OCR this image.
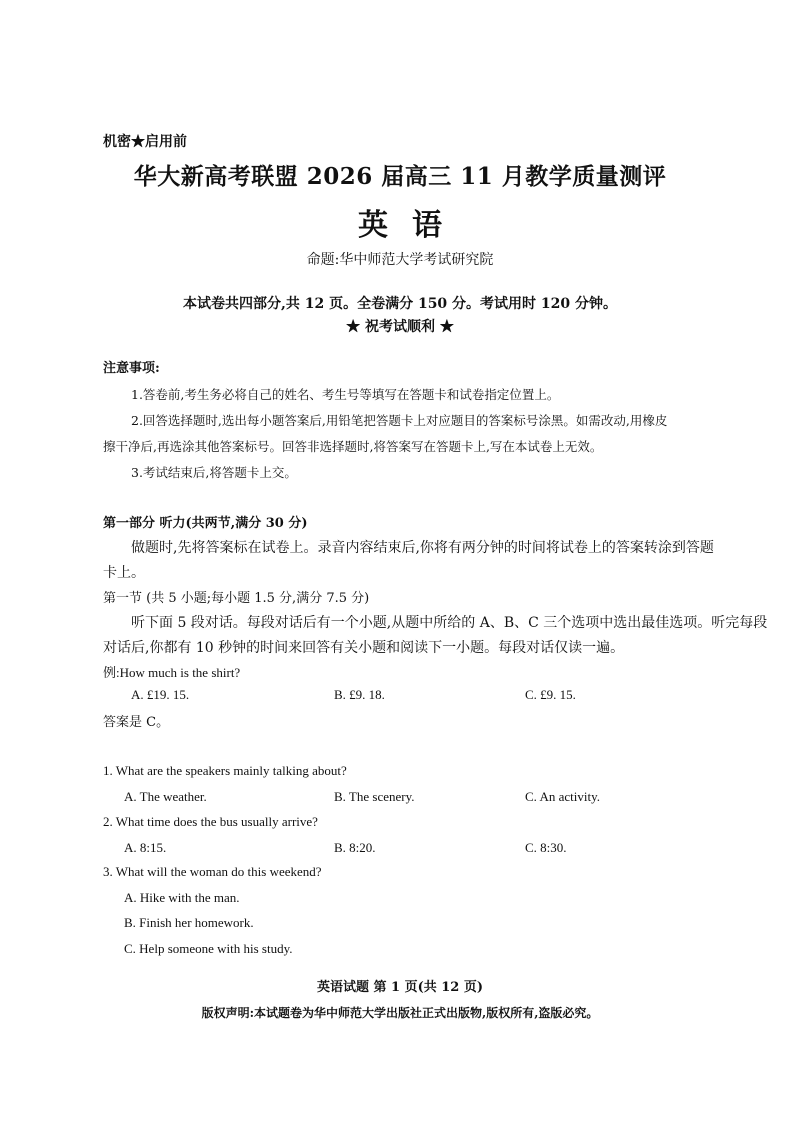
机密★启用前
华大新高考联盟 2026 届高三 11 月教学质量测评
英语
命题:华中师范大学考试研究院
本试卷共四部分,共 12 页。全卷满分 150 分。考试用时 120 分钟。
★ 祝考试顺利 ★
注意事项:
1.答卷前,考生务必将自己的姓名、考生号等填写在答题卡和试卷指定位置上。
2.回答选择题时,选出每小题答案后,用铅笔把答题卡上对应题目的答案标号涂黑。如需改动,用橡皮
擦干净后,再选涂其他答案标号。回答非选择题时,将答案写在答题卡上,写在本试卷上无效。
3.考试结束后,将答题卡上交。
第一部分 听力(共两节,满分 30 分)
做题时,先将答案标在试卷上。录音内容结束后,你将有两分钟的时间将试卷上的答案转涂到答题
卡上。
第一节 (共 5 小题;每小题 1.5 分,满分 7.5 分)
听下面 5 段对话。每段对话后有一个小题,从题中所给的 A、B、C 三个选项中选出最佳选项。听完每段
对话后,你都有 10 秒钟的时间来回答有关小题和阅读下一小题。每段对话仅读一遍。
例:How much is the shirt?
A. £19. 15.	B. £9. 18.	C. £9. 15.
答案是 C。
1. What are the speakers mainly talking about?
A. The weather.	B. The scenery.	C. An activity.
2. What time does the bus usually arrive?
A. 8:15.	B. 8:20.	C. 8:30.
3. What will the woman do this weekend?
A. Hike with the man.
B. Finish her homework.
C. Help someone with his study.
英语试题 第 1 页(共 12 页)
版权声明:本试题卷为华中师范大学出版社正式出版物,版权所有,盗版必究。
